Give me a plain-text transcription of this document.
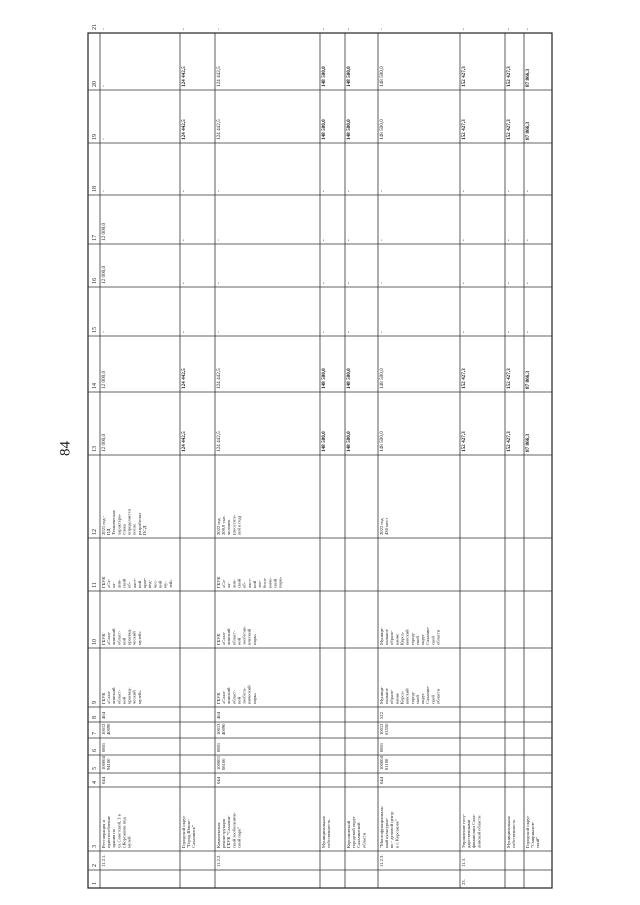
84
1
2
3
4
5
6
7
8
9
10
11
12
13
14
15
16
17
18
19
20
21
11.2.1.
Реставрация иприспособлениездания поул.Советской, 3 вг.Корсакове подмузей
044
10000494100
0801
1001240090
464
ГБУК«Саха-линскийобласт-нойкраевед-ческиймузей»
ГБУК«Саха-линскийобласт-нойкраевед-ческиймузей»
ГБУК«Са-ха-лин-скийоб-ласт-нойкрае-вед-чес-кийму-зей»
2021 год -ПДТехническаяхарактери-стикаопределяетсяпослеразработкиПСД
12 000,0
12 000,0
-
12 000,0
12 000,0
-
-
-
-
Городской округ"Город Южно-Сахалинск"
124 442,5
124 442,5
-
-
-
-
124 442,5
124 442,5
-
11.2.2.
КомплекснаяреконструкцияГБУК "Сахалин-ский зообоганиче-ский парк"
044
10000308100
0801
1001340090
464
ГБУК«Саха-линскийобласт-нойзообота-ническийпарк»
ГБУК«Саха-линскийобласт-нойзооботан-ическийпарк»
ГБУК«Са-ха-лин-скийоб-ласт-нойзоо-бота-ниче-скийпарк»
2022 год209,9 тыс.человек(посетите-лей в год)
124 442,5
124 442,5
-
-
-
-
124 442,5
124 442,5
-
Муниципальнаясобственность
148 500,0
148 500,0
-
-
-
-
148 500,0
148 500,0
-
Корсаковскийгородской округСахалинскойобласти
148 500,0
148 500,0
-
-
-
-
148 500,0
148 500,0
-
11.2.3.
"Многофункциональ-ный культурно-во - деловой центрв г. Корсакове"
044
10000481100
0801
1001263550
522
Муници-пальноеобразо-ваниеКорса-ковскийгород-скойокругСахалин-скойобласти
Муници-пальноеобразо-ваниеКорса-ковскийгород-скойокругСахалин-скойобласти
2022 год430 мест
148 500,0
148 500,0
-
-
-
-
148 500,0
148 500,0
-
23.
11.3.
Управление госу-дарственнымифинансами Саха-линской области
152 427,3
152 427,3
-
-
-
-
152 427,3
152 427,3
-
Муниципальнаясобственность
152 427,3
152 427,3
-
-
-
-
152 427,3
152 427,3
-
Городской округ"Смирныхов-ский"
87 866,3
87 866,3
-
-
-
-
87 866,3
87 866,3
-
